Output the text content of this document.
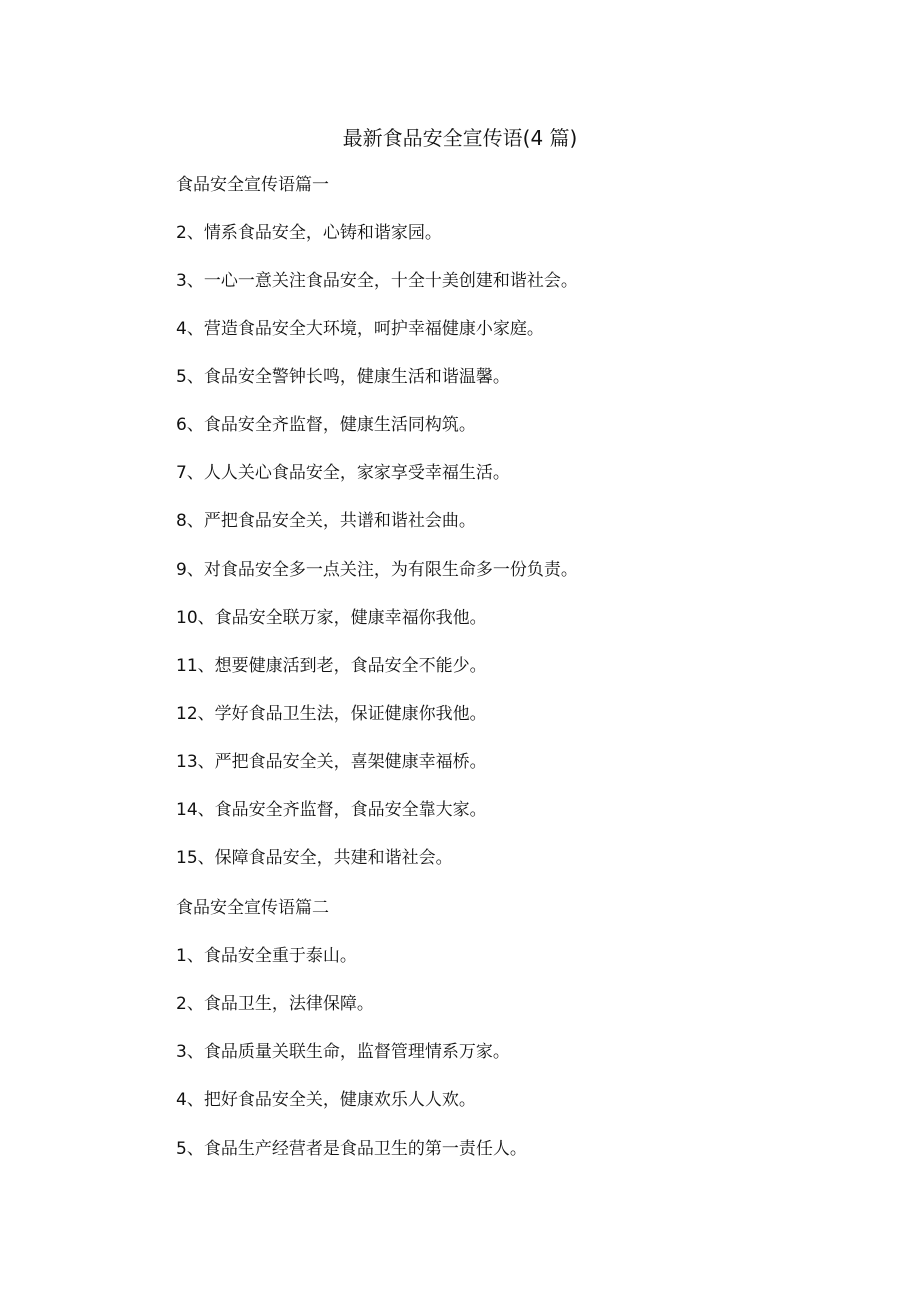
最新食品安全宣传语(4 篇)
食品安全宣传语篇一
2、情系食品安全，心铸和谐家园。
3、一心一意关注食品安全，十全十美创建和谐社会。
4、营造食品安全大环境，呵护幸福健康小家庭。
5、食品安全警钟长鸣，健康生活和谐温馨。
6、食品安全齐监督，健康生活同构筑。
7、人人关心食品安全，家家享受幸福生活。
8、严把食品安全关，共谱和谐社会曲。
9、对食品安全多一点关注，为有限生命多一份负责。
10、食品安全联万家，健康幸福你我他。
11、想要健康活到老，食品安全不能少。
12、学好食品卫生法，保证健康你我他。
13、严把食品安全关，喜架健康幸福桥。
14、食品安全齐监督，食品安全靠大家。
15、保障食品安全，共建和谐社会。
食品安全宣传语篇二
1、食品安全重于泰山。
2、食品卫生，法律保障。
3、食品质量关联生命，监督管理情系万家。
4、把好食品安全关，健康欢乐人人欢。
5、食品生产经营者是食品卫生的第一责任人。
